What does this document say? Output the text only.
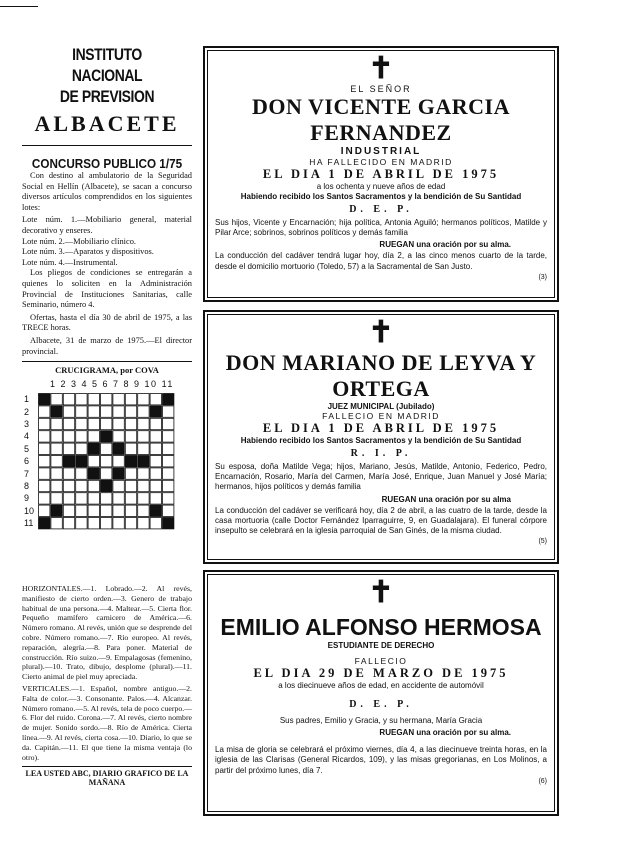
INSTITUTO NACIONAL
DE PREVISION
ALBACETE
CONCURSO PUBLICO 1/75

Con destino al ambulatorio de la Seguridad Social en Hellín (Albacete), se sacan a concurso diversos artículos comprendidos en los siguientes lotes:

Lote núm. 1.—Mobiliario general, material decorativo y enseres.
Lote núm. 2.—Mobiliario clínico.
Lote núm. 3.—Aparatos y dispositivos.
Lote núm. 4.—Instrumental.

Los pliegos de condiciones se entregarán a quienes lo soliciten en la Administración Provincial de Instituciones Sanitarias, calle Seminario, número 4.

Ofertas, hasta el día 30 de abril de 1975, a las TRECE horas.

Albacete, 31 de marzo de 1975.—El director provincial.

CRUCIGRAMA, por COVA
1 2 3 4 5 6 7 8 9 10 11
1
2
3
4
5
6
7
8
9
10
11
HORIZONTALES.—1. Lobrado.—2. Al revés, manifiesto de cierto orden.—3. Genero de trabajo habitual de una persona.—4. Maltear.—5. Cierta flor. Pequeño mamífero carnicero de América.—6. Número romano. Al revés, unión que se desprende del cobre. Número romano.—7. Río europeo. Al revés, reparación, alegría.—8. Para poner. Material de construcción. Río suizo.—9. Empalagosas (femenino, plural).—10. Trato, dibujo, desplome (plural).—11. Cierto animal de piel muy apreciada.
VERTICALES.—1. Español, nombre antiguo.—2. Falta de color.—3. Consonante. Palos.—4. Alcanzar. Número romano.—5. Al revés, tela de poco cuerpo.—6. Flor del ruido. Corona.—7. Al revés, cierto nombre de mujer. Sonido sordo.—8. Río de América. Cierta línea.—9. Al revés, cierta cosa.—10. Diario, lo que se da. Capitán.—11. El que tiene la misma ventaja (lo otro).
LEA USTED ABC, DIARIO GRAFICO DE LA MAÑANA
✝
EL SEÑOR
DON VICENTE GARCIA FERNANDEZ
INDUSTRIAL
HA FALLECIDO EN MADRID
EL DIA 1 DE ABRIL DE 1975
a los ochenta y nueve años de edad
Habiendo recibido los Santos Sacramentos y la bendición de Su Santidad
D. E. P.
Sus hijos, Vicente y Encarnación; hija política, Antonia Aguiló; hermanos políticos, Matilde y Pilar Arce; sobrinos, sobrinos políticos y demás familia
RUEGAN una oración por su alma.
La conducción del cadáver tendrá lugar hoy, día 2, a las cinco menos cuarto de la tarde, desde el domicilio mortuorio (Toledo, 57) a la Sacramental de San Justo.
(3)
✝
DON MARIANO DE LEYVA Y ORTEGA
JUEZ MUNICIPAL (Jubilado)
FALLECIO EN MADRID
EL DIA 1 DE ABRIL DE 1975
Habiendo recibido los Santos Sacramentos y la bendición de Su Santidad
R. I. P.
Su esposa, doña Matilde Vega; hijos, Mariano, Jesús, Matilde, Antonio, Federico, Pedro, Encarnación, Rosario, María del Carmen, María José, Enrique, Juan Manuel y José María; hermanos, hijos políticos y demás familia
RUEGAN una oración por su alma
La conducción del cadáver se verificará hoy, día 2 de abril, a las cuatro de la tarde, desde la casa mortuoria (calle Doctor Fernández Iparraguirre, 9, en Guadalajara). El funeral córpore insepulto se celebrará en la iglesia parroquial de San Ginés, de la misma ciudad.
(5)
✝
EMILIO ALFONSO HERMOSA
ESTUDIANTE DE DERECHO
FALLECIO
EL DIA 29 DE MARZO DE 1975
a los diecinueve años de edad, en accidente de automóvil
D. E. P.
Sus padres, Emilio y Gracia, y su hermana, María Gracia
RUEGAN una oración por su alma.
La misa de gloria se celebrará el próximo viernes, día 4, a las diecinueve treinta horas, en la iglesia de las Clarisas (General Ricardos, 109), y las misas gregorianas, en Los Molinos, a partir del próximo lunes, día 7.
(6)
